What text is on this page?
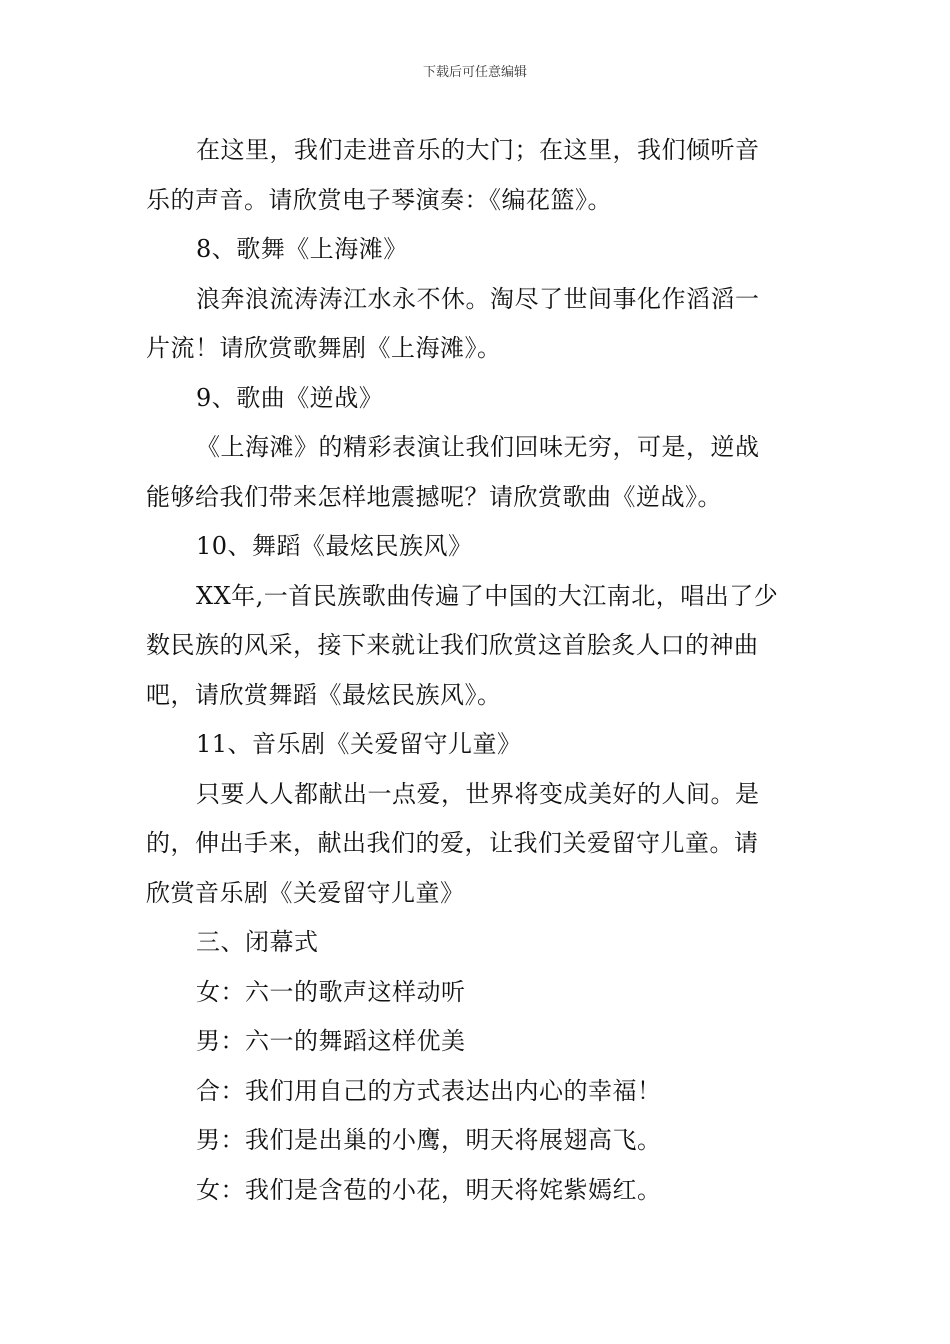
下载后可任意编辑
在这里，我们走进音乐的大门；在这里，我们倾听音
乐的声音。请欣赏电子琴演奏：《编花篮》。
8、歌舞《上海滩》
浪奔浪流涛涛江水永不休。淘尽了世间事化作滔滔一
片流！请欣赏歌舞剧《上海滩》。
9、歌曲《逆战》
《上海滩》的精彩表演让我们回味无穷，可是，逆战
能够给我们带来怎样地震撼呢？请欣赏歌曲《逆战》。
10、舞蹈《最炫民族风》
XX年,一首民族歌曲传遍了中国的大江南北，唱出了少
数民族的风采，接下来就让我们欣赏这首脍炙人口的神曲
吧，请欣赏舞蹈《最炫民族风》。
11、音乐剧《关爱留守儿童》
只要人人都献出一点爱，世界将变成美好的人间。是
的，伸出手来，献出我们的爱，让我们关爱留守儿童。请
欣赏音乐剧《关爱留守儿童》
三、闭幕式
女：六一的歌声这样动听
男：六一的舞蹈这样优美
合：我们用自己的方式表达出内心的幸福！
男：我们是出巢的小鹰，明天将展翅高飞。
女：我们是含苞的小花，明天将姹紫嫣红。
